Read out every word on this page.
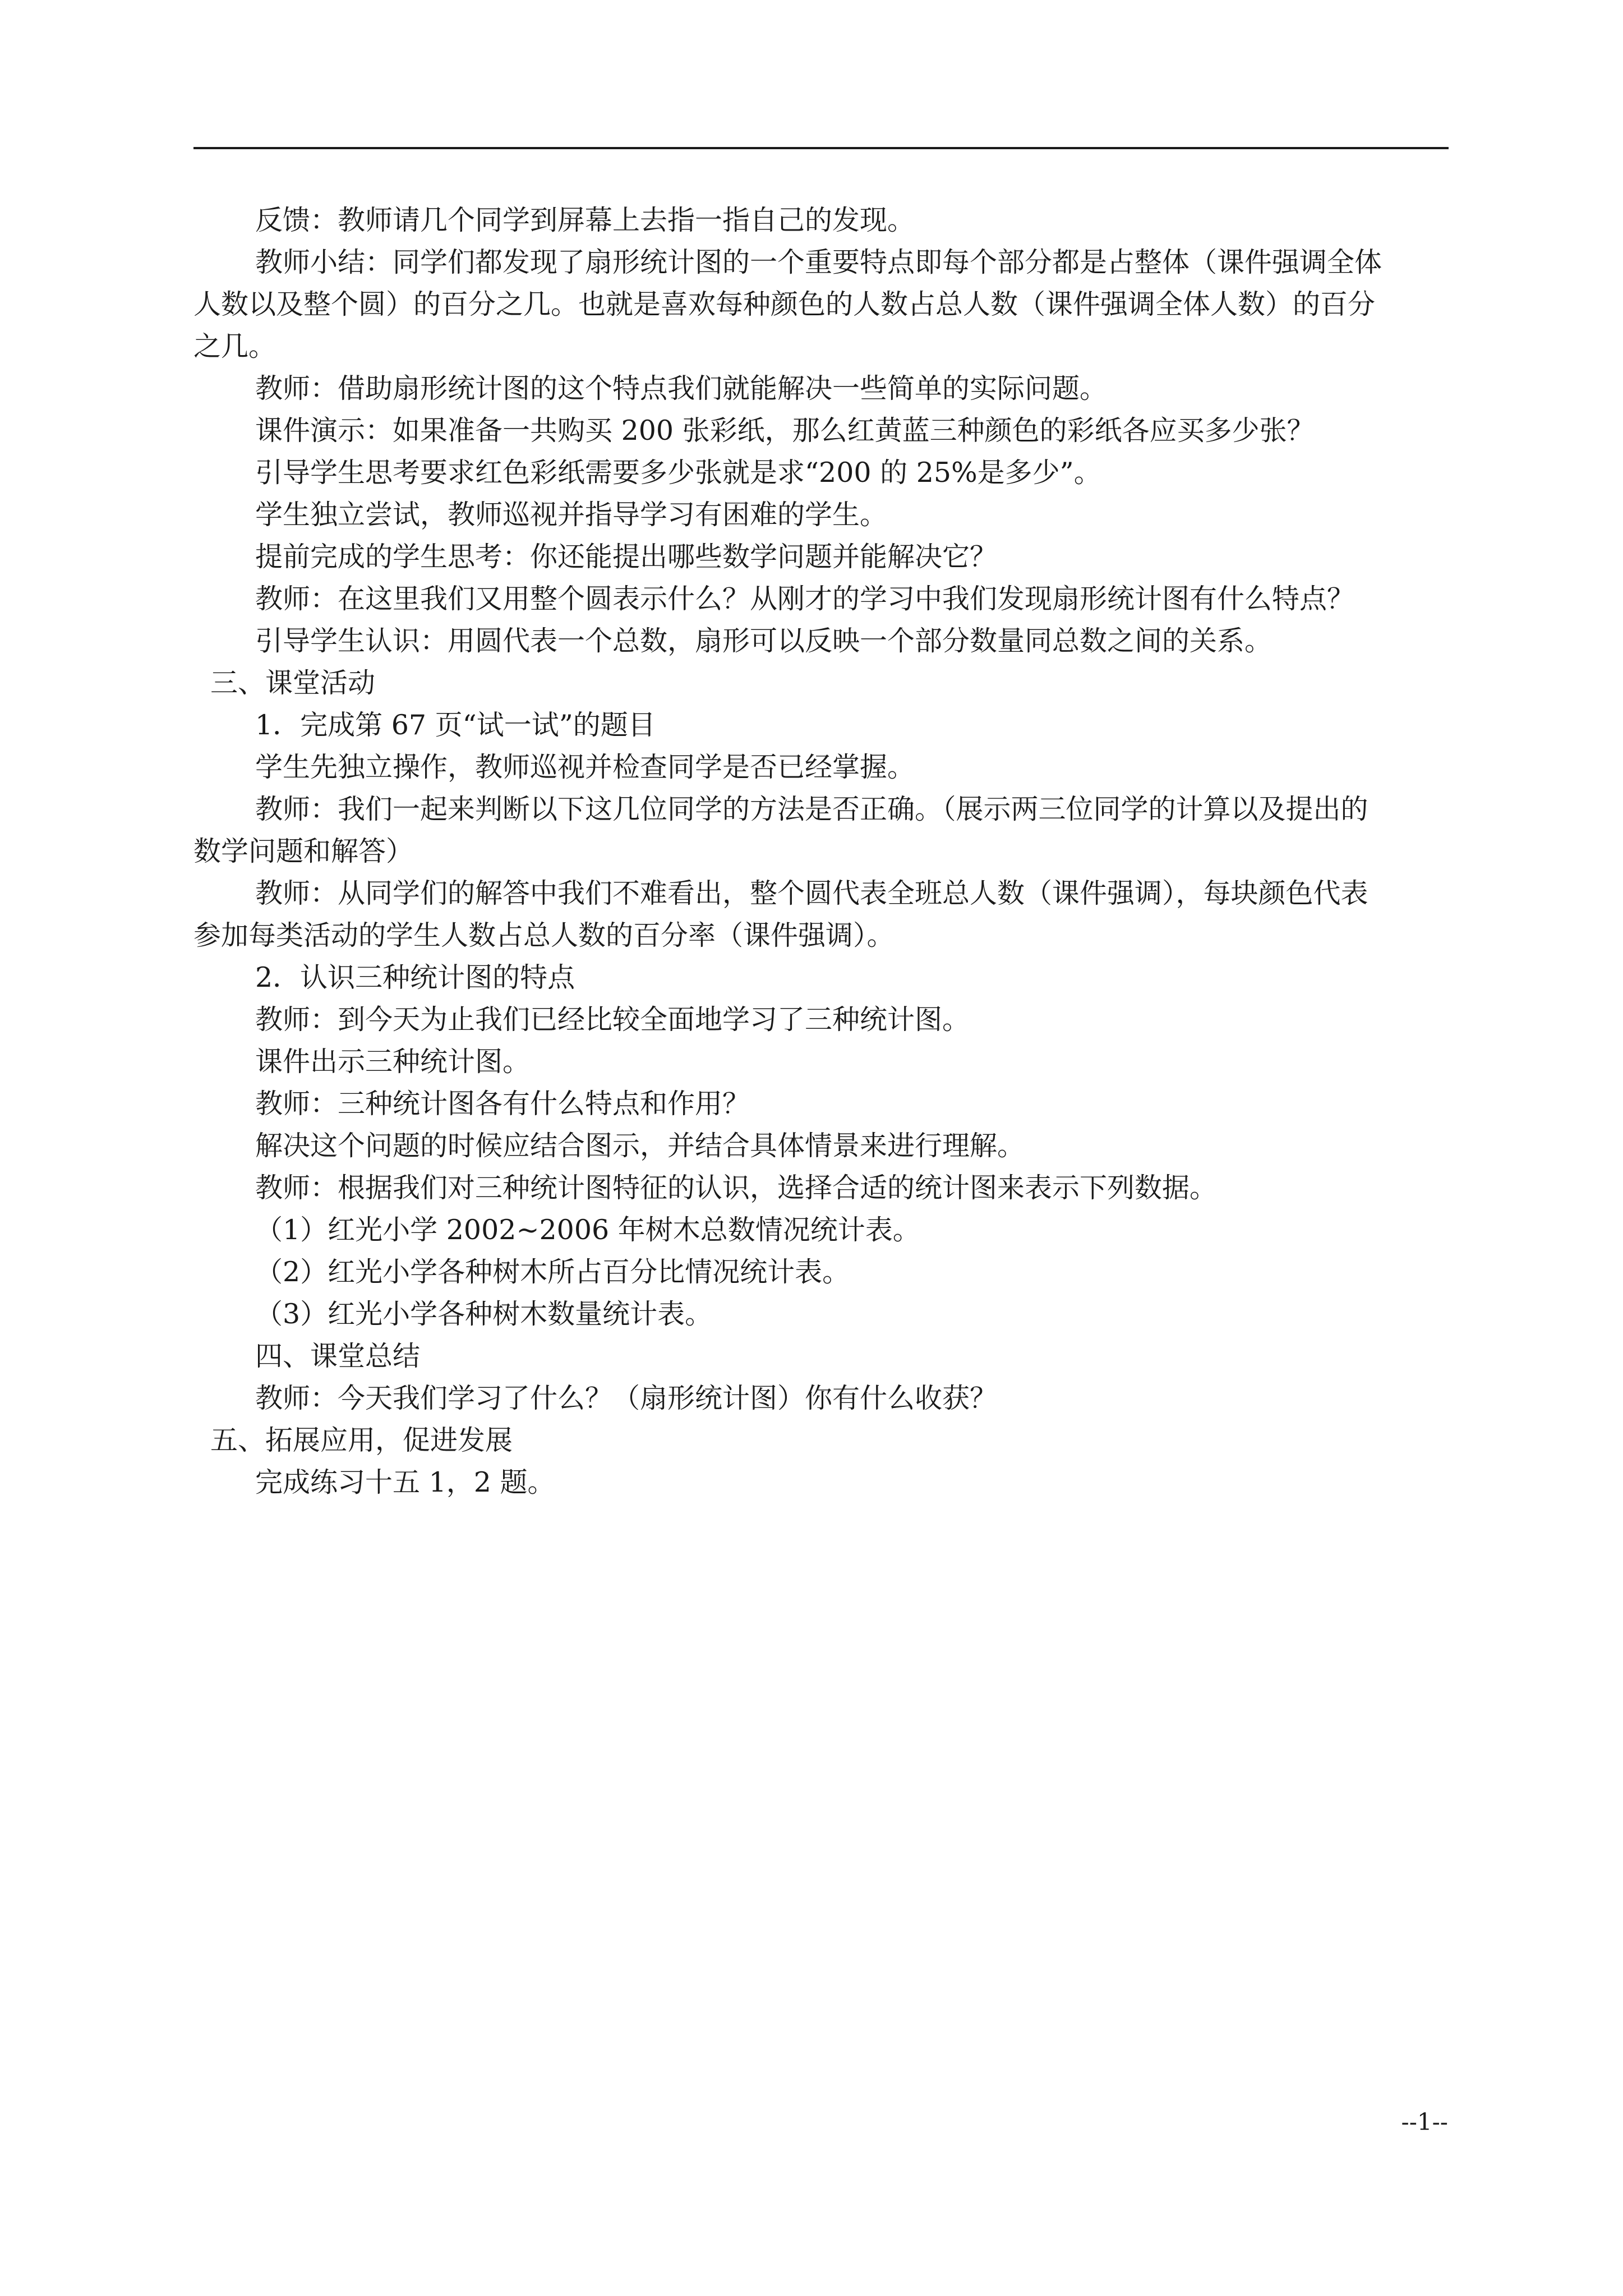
反馈：教师请几个同学到屏幕上去指一指自己的发现。
教师小结：同学们都发现了扇形统计图的一个重要特点即每个部分都是占整体（课件强调全体
人数以及整个圆）的百分之几。也就是喜欢每种颜色的人数占总人数（课件强调全体人数）的百分
之几。
教师：借助扇形统计图的这个特点我们就能解决一些简单的实际问题。
课件演示：如果准备一共购买 200 张彩纸，那么红黄蓝三种颜色的彩纸各应买多少张？
引导学生思考要求红色彩纸需要多少张就是求“200 的 25%是多少”。
学生独立尝试，教师巡视并指导学习有困难的学生。
提前完成的学生思考：你还能提出哪些数学问题并能解决它？
教师：在这里我们又用整个圆表示什么？从刚才的学习中我们发现扇形统计图有什么特点？
引导学生认识：用圆代表一个总数，扇形可以反映一个部分数量同总数之间的关系。
三、课堂活动
1．完成第 67 页“试一试”的题目
学生先独立操作，教师巡视并检查同学是否已经掌握。
教师：我们一起来判断以下这几位同学的方法是否正确。（展示两三位同学的计算以及提出的
数学问题和解答）
教师：从同学们的解答中我们不难看出，整个圆代表全班总人数（课件强调），每块颜色代表
参加每类活动的学生人数占总人数的百分率（课件强调）。
2．认识三种统计图的特点
教师：到今天为止我们已经比较全面地学习了三种统计图。
课件出示三种统计图。
教师：三种统计图各有什么特点和作用？
解决这个问题的时候应结合图示，并结合具体情景来进行理解。
教师：根据我们对三种统计图特征的认识，选择合适的统计图来表示下列数据。
（1）红光小学 2002~2006 年树木总数情况统计表。
（2）红光小学各种树木所占百分比情况统计表。
（3）红光小学各种树木数量统计表。
四、课堂总结
教师：今天我们学习了什么？（扇形统计图）你有什么收获？
五、拓展应用，促进发展
完成练习十五 1，2 题。
--1--
